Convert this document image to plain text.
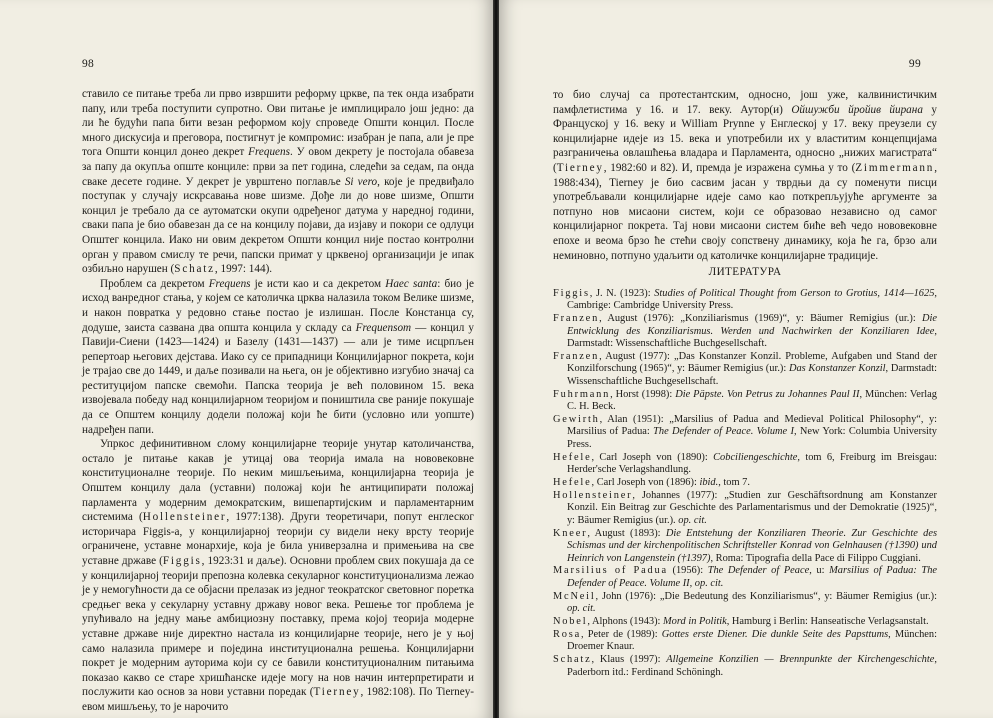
98

ставило се питање треба ли прво извршити реформу цркве, па тек онда изабрати папу, или треба поступити супротно. Ови питање је имплицирало још једно: да ли ће будући папа бити везан реформом коју спроведе Општи концил. После много дискусија и преговора, постигнут је компромис: изабран је папа, али је пре тога Општи концил донео декрет Frequens. У овом декрету је постојала обавеза за папу да окупља опште концилe: први за пет година, следећи за седам, па онда сваке десете године. У декрет је уврштено поглавље Si vero, које је предвиђало поступак у случају искрсавања нове шизме. Дође ли до нове шизме, Општи концил је требало да се аутоматски окупи одређеног датума у наредној години, сваки папа је био обавезан да се на концилу појави, да изјаву и покори се одлуци Општег концила. Иако ни овим декретом Општи концил није постао контролни орган у правом смислу те речи, папски примат у црквеној организацији је ипак озбиљно нарушен (Schatz, 1997: 144).

Проблем са декретом Frequens je исти као и са декретом Haec santa: био je исход ванредног стања, у којем се католичка црква налазила током Велике шизме, и након повратка у редовно стање постао је излишан. После Констанца су, додуше, заиста сазвана два општа концила у складу са Frequensom — концил у Павији-Сиени (1423—1424) и Базелу (1431—1437) — али је тиме исцрпљен репертоар његових дејстава. Иако су се припадници Концилијарног покрета, који је трајао све до 1449, и даље позивали на њега, он је објективно изгубио значај са реституцијом папске свемоћи. Папска теорија је већ половином 15. века извојевала победу над концилијарном теоријом и поништила све раније покушаје да се Општем концилу додели положај који ће бити (условно или уопште) надређен папи.

Упркос дефинитивном слому концилијарне теорије унутар католичанства, остало је питање какав је утицај ова теорија имала на нововековне конституционалне теорије. По неким мишљењима, концилијарна теорија је Општем концилу дала (уставни) положај који ће антиципирати положај парламента у модерним демократским, вишепартијским и парламентарним системима (Hollensteiner, 1977:138). Други теоретичари, попут енглеског историчара Figgis-a, у концилијарној теорији су видели неку врсту теорије ограничене, уставне монархије, која је била универзална и примењива на све уставне државе (Figgis, 1923:31 и даље). Основни проблем свих покушаја да се у концилијарној теорији препозна колевка секуларног конституционализма лежао је у немогућности да се објасни прелазак из једног теократског световног поретка средњег века у секуларну уставну државу новог века. Решење тог проблема је упућивало на једну мање амбициозну поставку, према којој теорија модерне уставне државе није директно настала из концилијарне теорије, него је у њој само налазила примере и поједина институционална решења. Концилијарни покрет је модерним ауторима који су се бавили конституционалним питањима показао какво се старе хришћанске идеје могу на нов начин интерпретирати и послужити као основ за нови уставни поредак (Tierney, 1982:108). По Tierney-евом мишљењу, то је нарочито

99

то био случај са протестантским, односно, још уже, калвинистичким памфлетистима у 16. и 17. веку. Аутор(и) Ойшужби йройив йирана у Француској у 16. веку и William Prynne у Енглеској у 17. веку преузели су концилијарне идеје из 15. века и употребили их у властитим концепцијама разграничења овлашћења владара и Парламента, односно „нижих магистрата“ (Tierney, 1982:60 и 82). И, премда је изражена сумња у то (Zimmermann, 1988:434), Tierney je био сасвим јасан у тврдњи да су поменути писци употребљавали концилијарне идеје само као поткрепљујуће аргументе за потпуно нов мисаони систем, који се образовао независно од самог концилијарног покрета. Тај нови мисаони систем биће већ чедо нововековне епохе и веома брзо ће стећи своју сопствену динамику, која ће га, брзо али неминовно, потпуно удаљити од католичке концилијарне традиције.

ЛИТЕРАТУРА
Figgis, J. N. (1923): Studies of Political Thought from Gerson to Grotius, 1414—1625, Cambrige: Cambridge University Press.
Franzen, August (1976): „Konziliarismus (1969)“, у: Bäumer Remigius (ur.): Die Entwicklung des Konziliarismus. Werden und Nachwirken der Konziliaren Idee, Darmstadt: Wissenschaftliche Buchgesellschaft.
Franzen, August (1977): „Das Konstanzer Konzil. Probleme, Aufgaben und Stand der Konzilforschung (1965)“, у: Bäumer Remigius (ur.): Das Konstanzer Konzil, Darmstadt: Wissenschaftliche Buchgesellschaft.
Fuhrmann, Horst (1998): Die Päpste. Von Petrus zu Johannes Paul II, München: Verlag C. H. Beck.
Gewirth, Alan (1951): „Marsilius of Padua and Medieval Political Philosophy“, у: Marsilius of Padua: The Defender of Peace. Volume I, New York: Columbia University Press.
Hefele, Carl Joseph von (1890): Cobciliengeschichte, tom 6, Freiburg im Breisgau: Herder'sche Verlagshandlung.
Hefele, Carl Joseph von (1896): ibid., tom 7.
Hollensteiner, Johannes (1977): „Studien zur Geschäftsordnung am Konstanzer Konzil. Ein Beitrag zur Geschichte des Parlamentarismus und der Demokratie (1925)“, у: Bäumer Remigius (ur.). op. cit.
Kneer, August (1893): Die Entstehung der Konziliaren Theorie. Zur Geschichte des Schismas und der kirchenpolitischen Schriftsteller Konrad von Gelnhausen (†1390) und Heinrich von Langenstein (†1397), Roma: Tipografia della Pace di Filippo Cuggiani.
Marsilius of Padua (1956): The Defender of Peace, u: Marsilius of Padua: The Defender of Peace. Volume II, op. cit.
McNeil, John (1976): „Die Bedeutung des Konziliarismus“, у: Bäumer Remigius (ur.): op. cit.
Nobel, Alphons (1943): Mord in Politik, Hamburg i Berlin: Hanseatische Verlagsanstalt.
Rosa, Peter de (1989): Gottes erste Diener. Die dunkle Seite des Papsttums, München: Droemer Knaur.
Schatz, Klaus (1997): Allgemeine Konzilien — Brennpunkte der Kirchengeschichte, Paderborn itd.: Ferdinand Schöningh.
